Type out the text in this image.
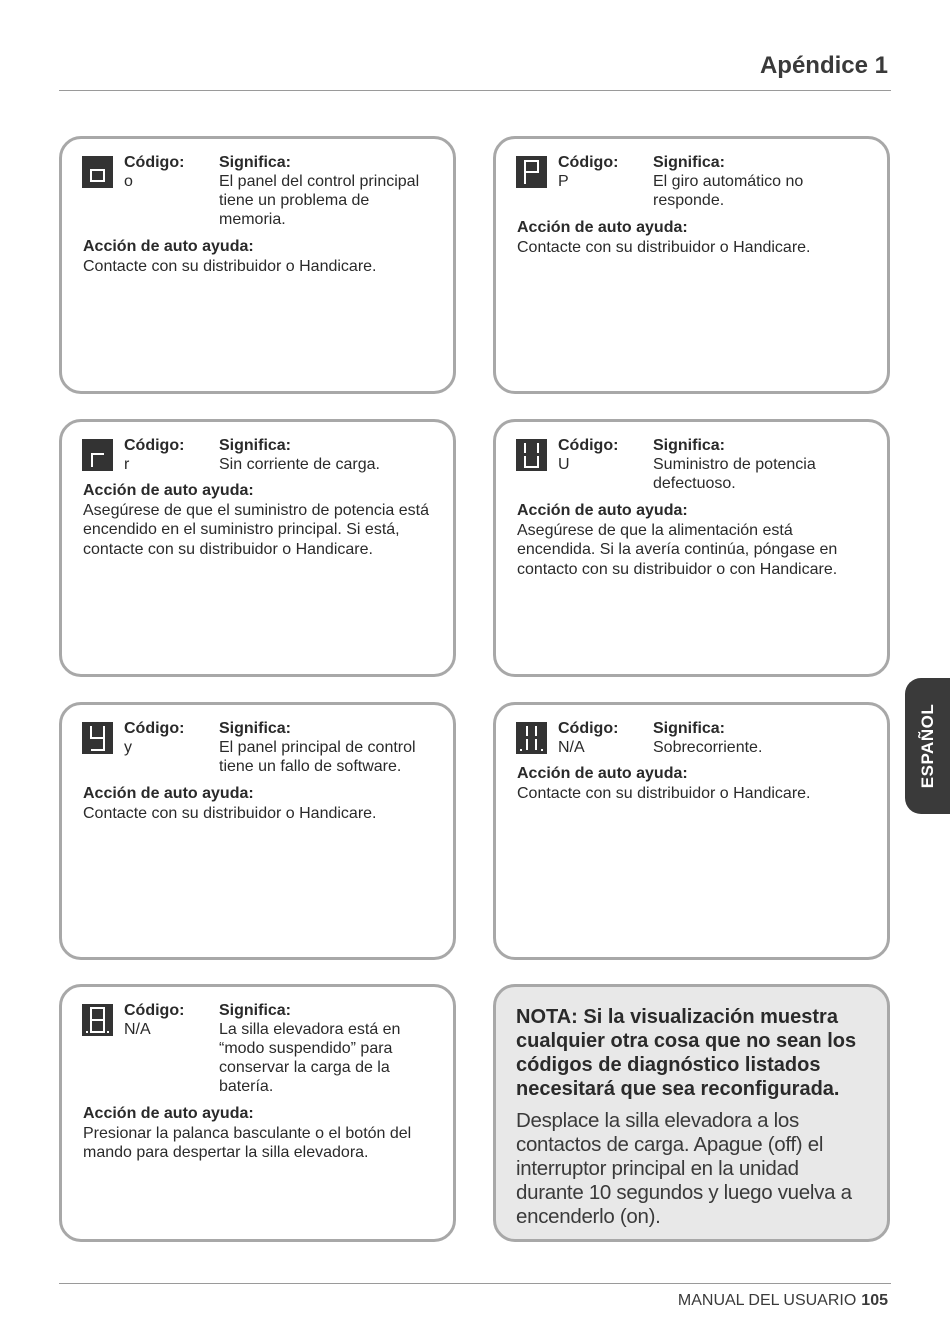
Apéndice 1
Código:
o
Significa:
El panel del control principal tiene un problema de memoria.
Acción de auto ayuda:
Contacte con su distribuidor o Handicare.
Código:
P
Significa:
El giro automático no responde.
Acción de auto ayuda:
Contacte con su distribuidor o Handicare.
Código:
r
Significa:
Sin corriente de carga.
Acción de auto ayuda:
Asegúrese de que el suministro de potencia está encendido en el suministro principal. Si está, contacte con su distribuidor o Handicare.
Código:
U
Significa:
Suministro de potencia defectuoso.
Acción de auto ayuda:
Asegúrese de que la alimentación está encendida. Si la avería continúa, póngase en contacto con su distribuidor o con Handicare.
Código:
y
Significa:
El panel principal de control tiene un fallo de software.
Acción de auto ayuda:
Contacte con su distribuidor o Handicare.
Código:
N/A
Significa:
Sobrecorriente.
Acción de auto ayuda:
Contacte con su distribuidor o Handicare.
Código:
N/A
Significa:
La silla elevadora está en “modo suspendido” para conservar la carga de la batería.
Acción de auto ayuda:
Presionar la palanca basculante o el botón del mando para despertar la silla elevadora.
NOTA: Si la visualización muestra cualquier otra cosa que no sean los códigos de diagnóstico listados necesitará que sea reconfigurada.
Desplace la silla elevadora a los contactos de carga. Apague (off) el interruptor principal en la unidad durante 10 segundos y luego vuelva a encenderlo (on).
ESPAÑOL
MANUAL DEL USUARIO 105
